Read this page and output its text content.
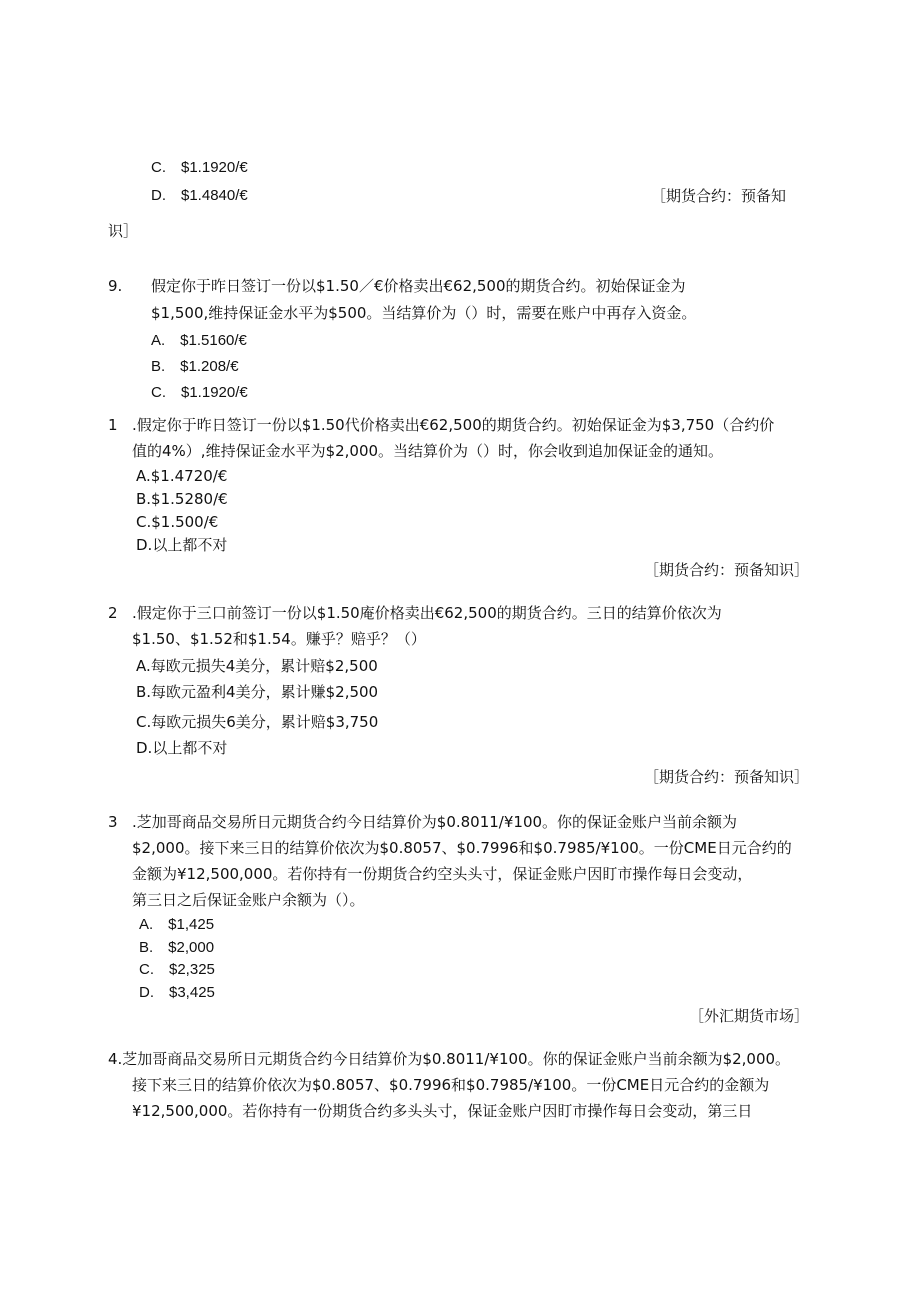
C.　$1.1920/€
D.　$1.4840/€	［期货合约：预备知
识］
9. 假定你于昨日签订一份以$1.50／€价格卖出€62,500的期货合约。初始保证金为
$1,500,维持保证金水平为$500。当结算价为（）时，需要在账户中再存入资金。
A.　$1.5160/€
B.　$1.208/€
C.　$1.1920/€
1 .假定你于昨日签订一份以$1.50代价格卖出€62,500的期货合约。初始保证金为$3,750（合约价
值的4%）,维持保证金水平为$2,000。当结算价为（）时，你会收到追加保证金的通知。
A.$1.4720/€
B.$1.5280/€
C.$1.500/€
D.以上都不对
［期货合约：预备知识］
2 .假定你于三口前签订一份以$1.50庵价格卖出€62,500的期货合约。三日的结算价依次为
$1.50、$1.52和$1.54。赚乎？赔乎？（）
A.每欧元损失4美分，累计赔$2,500
B.每欧元盈利4美分，累计赚$2,500
C.每欧元损失6美分，累计赔$3,750
D.以上都不对
［期货合约：预备知识］
3 .芝加哥商品交易所日元期货合约今日结算价为$0.8011/¥100。你的保证金账户当前余额为
$2,000。接下来三日的结算价依次为$0.8057、$0.7996和$0.7985/¥100。一份CME日元合约的
金额为¥12,500,000。若你持有一份期货合约空头头寸，保证金账户因盯市操作每日会变动，
第三日之后保证金账户余额为（）。
A.　$1,425
B.　$2,000
C.　$2,325
D.　$3,425
［外汇期货市场］
4.芝加哥商品交易所日元期货合约今日结算价为$0.8011/¥100。你的保证金账户当前余额为$2,000。
接下来三日的结算价依次为$0.8057、$0.7996和$0.7985/¥100。一份CME日元合约的金额为
¥12,500,000。若你持有一份期货合约多头头寸，保证金账户因盯市操作每日会变动，第三日
